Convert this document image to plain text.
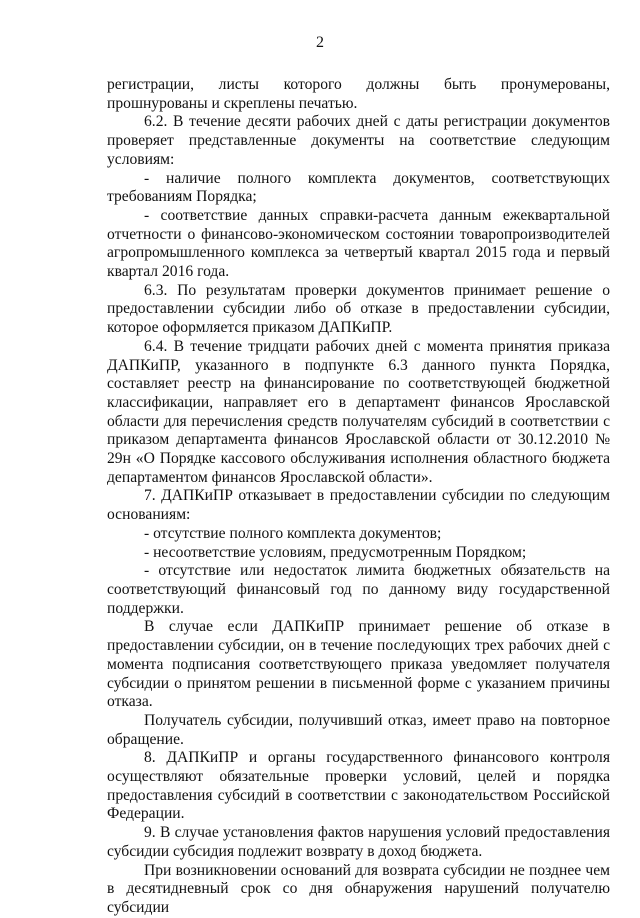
2

регистрации, листы которого должны быть пронумерованы, прошнурованы и скреплены печатью.

6.2. В течение десяти рабочих дней с даты регистрации документов проверяет представленные документы на соответствие следующим условиям:

- наличие полного комплекта документов, соответствующих требованиям Порядка;

- соответствие данных справки-расчета данным ежеквартальной отчетности о финансово-экономическом состоянии товаропроизводителей агропромышленного комплекса за четвертый квартал 2015 года и первый квартал 2016 года.

6.3. По результатам проверки документов принимает решение о предоставлении субсидии либо об отказе в предоставлении субсидии, которое оформляется приказом ДАПКиПР.

6.4. В течение тридцати рабочих дней с момента принятия приказа ДАПКиПР, указанного в подпункте 6.3 данного пункта Порядка, составляет реестр на финансирование по соответствующей бюджетной классификации, направляет его в департамент финансов Ярославской области для перечисления средств получателям субсидий в соответствии с приказом департамента финансов Ярославской области от 30.12.2010 № 29н «О Порядке кассового обслуживания исполнения областного бюджета департаментом финансов Ярославской области».

7. ДАПКиПР отказывает в предоставлении субсидии по следующим основаниям:

- отсутствие полного комплекта документов;

- несоответствие условиям, предусмотренным Порядком;

- отсутствие или недостаток лимита бюджетных обязательств на соответствующий финансовый год по данному виду государственной поддержки.

В случае если ДАПКиПР принимает решение об отказе в предоставлении субсидии, он в течение последующих трех рабочих дней с момента подписания соответствующего приказа уведомляет получателя субсидии о принятом решении в письменной форме с указанием причины отказа.

Получатель субсидии, получивший отказ, имеет право на повторное обращение.

8. ДАПКиПР и органы государственного финансового контроля осуществляют обязательные проверки условий, целей и порядка предоставления субсидий в соответствии с законодательством Российской Федерации.

9. В случае установления фактов нарушения условий предоставления субсидии субсидия подлежит возврату в доход бюджета.

При возникновении оснований для возврата субсидии не позднее чем в десятидневный срок со дня обнаружения нарушений получателю субсидии
